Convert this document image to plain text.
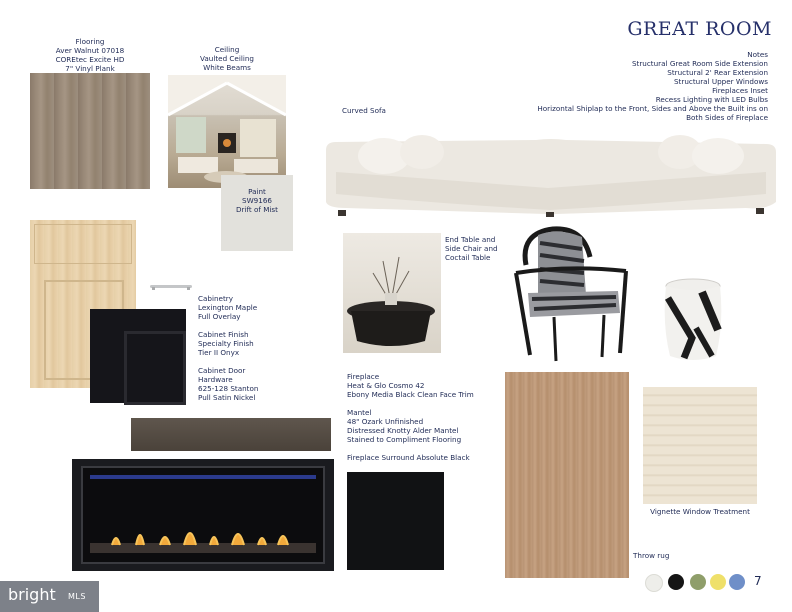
GREAT ROOM
Notes
Structural Great Room Side Extension
Structural 2' Rear Extension
Structural Upper Windows
Fireplaces Inset
Recess Lighting with LED Bulbs
Horizontal Shiplap to the Front, Sides and Above the Built ins on
Both Sides of Fireplace
Flooring
Aver Walnut 07018
COREtec Excite HD
7" Vinyl Plank
Ceiling
Vaulted Ceiling
White Beams
Paint
SW9166
Drift of Mist
Curved Sofa
End Table and
Side Chair and
Coctail Table
Cabinetry
Lexington Maple
Full Overlay
Cabinet Finish
Specialty Finish
Tier II Onyx
Cabinet Door
Hardware
625-128 Stanton
Pull Satin Nickel
Fireplace
Heat & Glo Cosmo 42
Ebony Media Black Clean Face Trim
Mantel
48" Ozark Unfinished
Distressed Knotty Alder Mantel
Stained to Compliment Flooring
Fireplace Surround Absolute Black
Throw rug
Vignette Window Treatment
7
bright MLS
